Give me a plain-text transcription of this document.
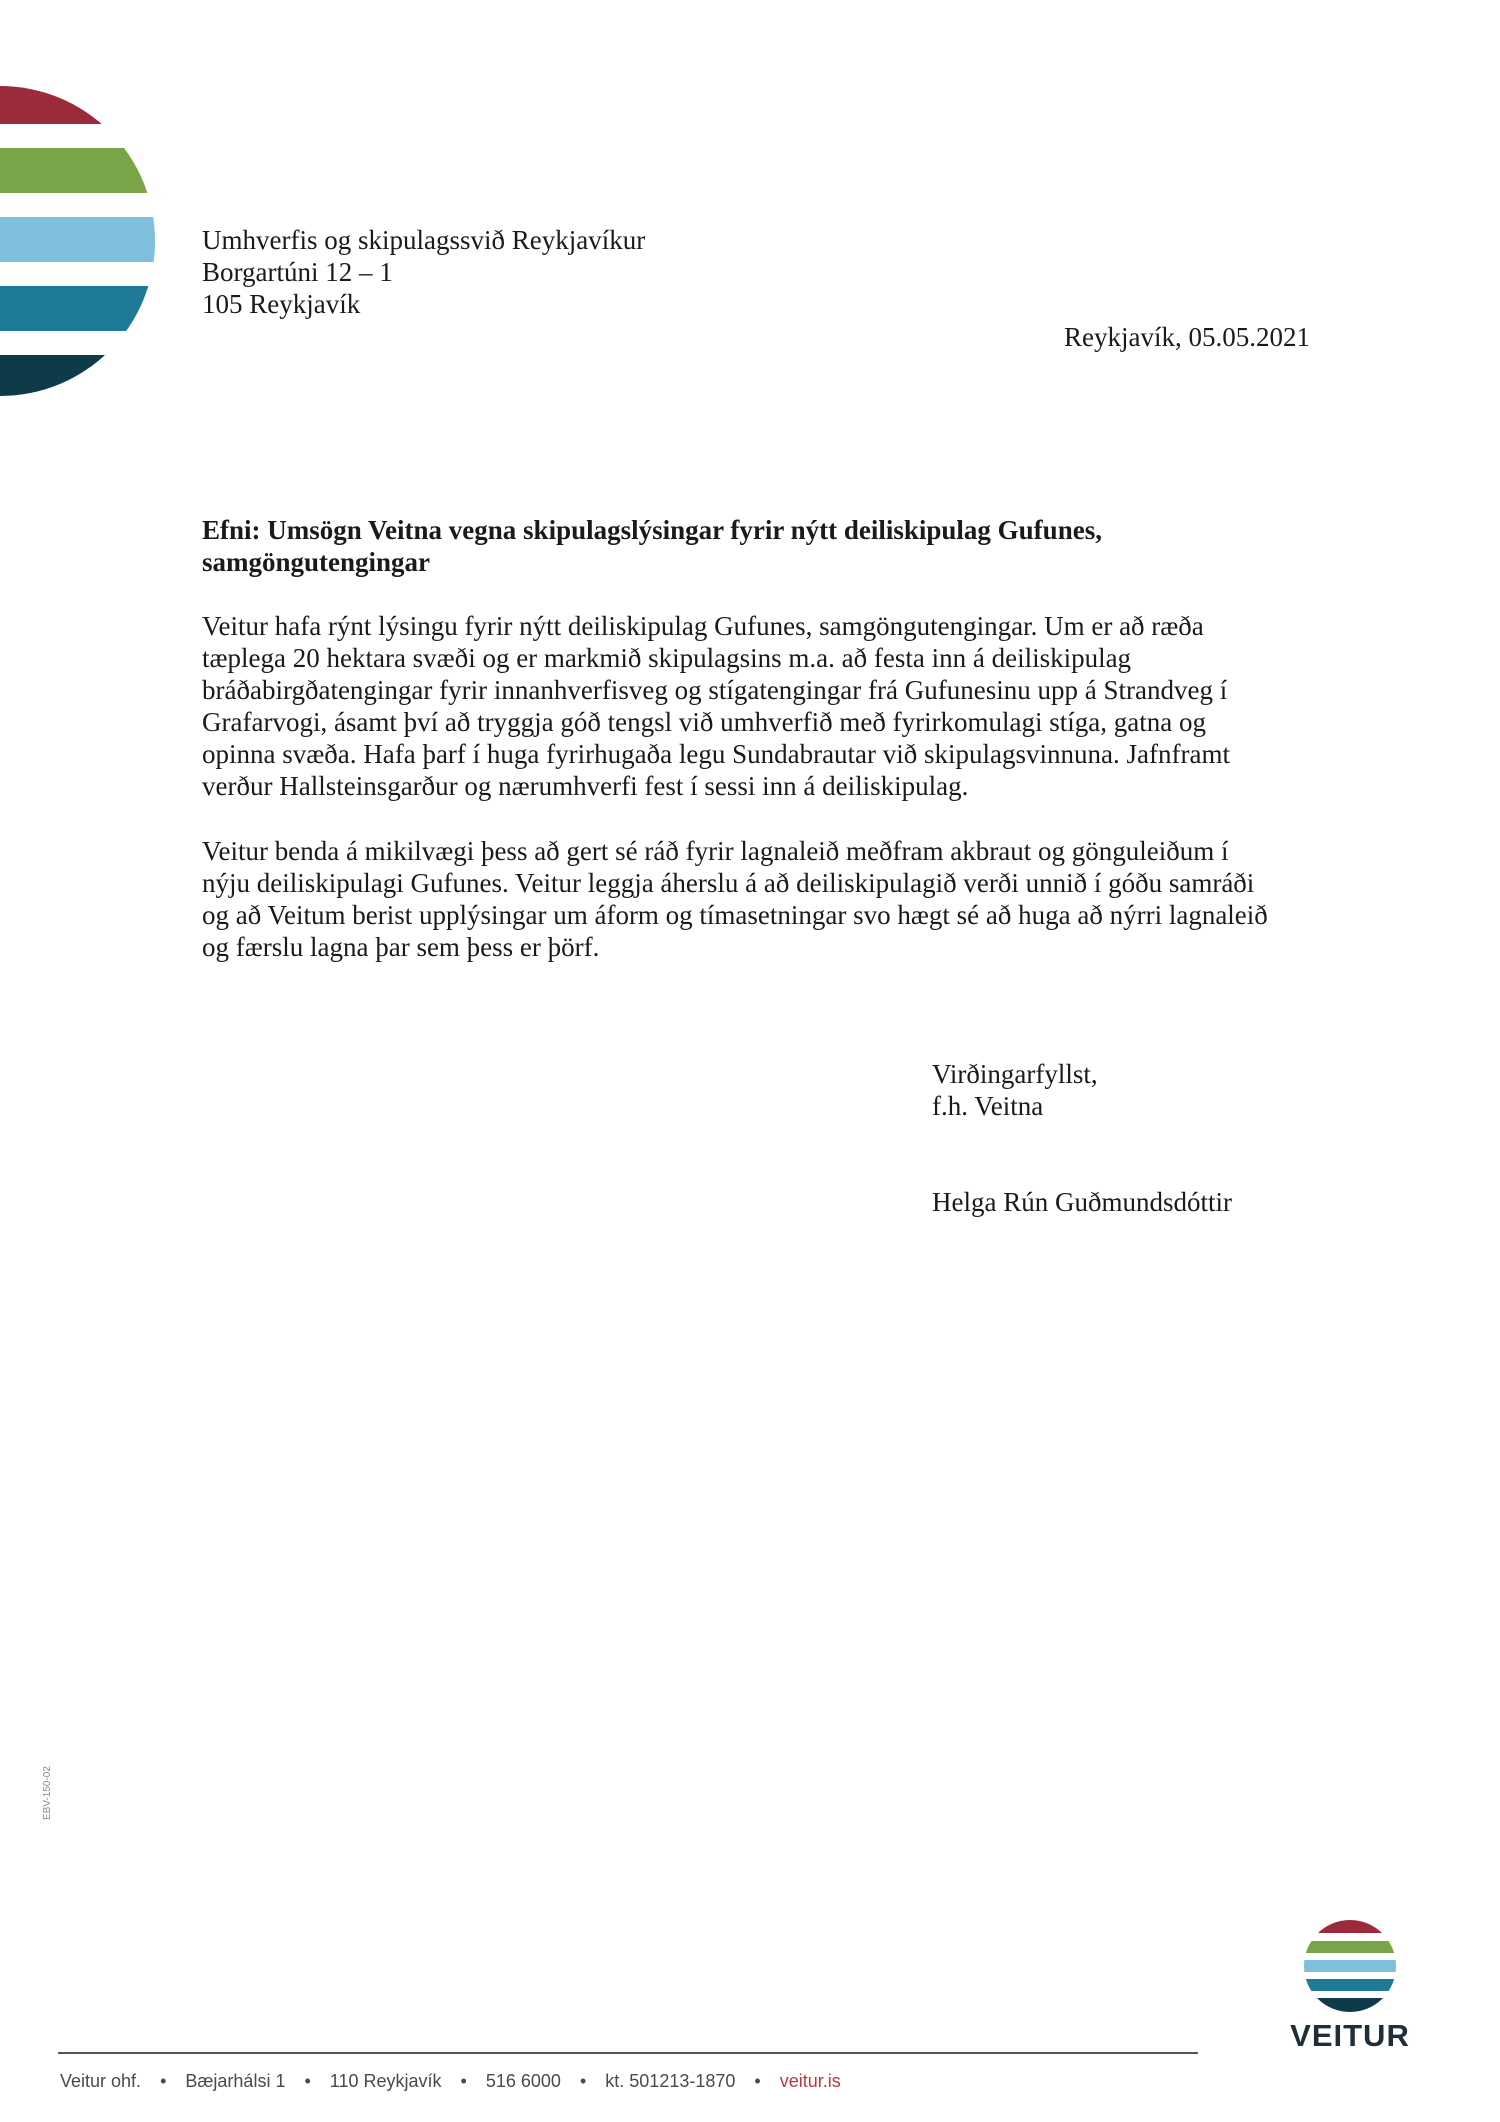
Umhverfis og skipulagssvið Reykjavíkur
Borgartúni 12 – 1
105 Reykjavík
Reykjavík, 05.05.2021
Efni: Umsögn Veitna vegna skipulagslýsingar fyrir nýtt deiliskipulag Gufunes,
samgöngutengingar
Veitur hafa rýnt lýsingu fyrir nýtt deiliskipulag Gufunes, samgöngutengingar. Um er að ræða
tæplega 20 hektara svæði og er markmið skipulagsins m.a. að festa inn á deiliskipulag
bráðabirgðatengingar fyrir innanhverfisveg og stígatengingar frá Gufunesinu upp á Strandveg í
Grafarvogi, ásamt því að tryggja góð tengsl við umhverfið með fyrirkomulagi stíga, gatna og
opinna svæða. Hafa þarf í huga fyrirhugaða legu Sundabrautar við skipulagsvinnuna. Jafnframt
verður Hallsteinsgarður og nærumhverfi fest í sessi inn á deiliskipulag.
Veitur benda á mikilvægi þess að gert sé ráð fyrir lagnaleið meðfram akbraut og gönguleiðum í
nýju deiliskipulagi Gufunes. Veitur leggja áherslu á að deiliskipulagið verði unnið í góðu samráði
og að Veitum berist upplýsingar um áform og tímasetningar svo hægt sé að huga að nýrri lagnaleið
og færslu lagna þar sem þess er þörf.
Virðingarfyllst,
f.h. Veitna
Helga Rún Guðmundsdóttir
EBV-150-02
VEITUR
Veitur ohf. • Bæjarhálsi 1 • 110 Reykjavík • 516 6000 • kt. 501213-1870 • veitur.is
